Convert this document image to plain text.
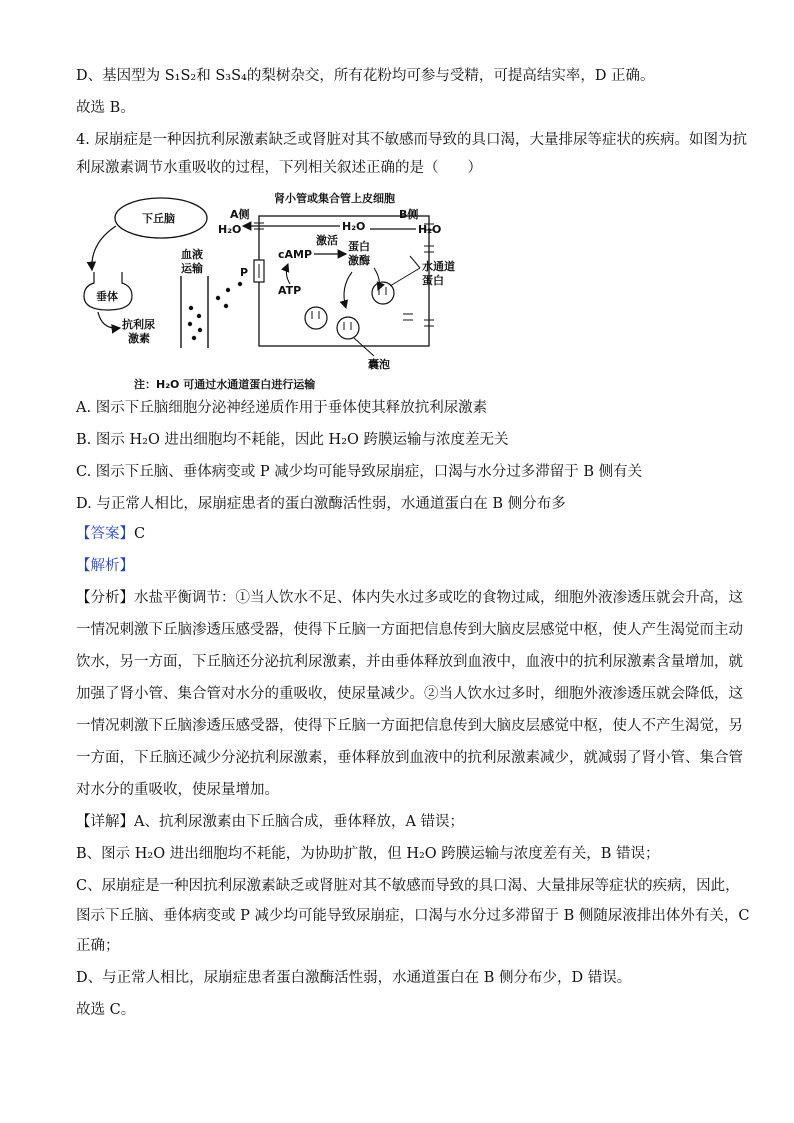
D、基因型为 S₁S₂和 S₃S₄的梨树杂交，所有花粉均可参与受精，可提高结实率，D 正确。
故选 B。
4. 尿崩症是一种因抗利尿激素缺乏或肾脏对其不敏感而导致的具口渴，大量排尿等症状的疾病。如图为抗
利尿激素调节水重吸收的过程，下列相关叙述正确的是（　　）
下丘脑
垂体
抗利尿
激素
血液
运输
肾小管或集合管上皮细胞
A侧	B侧
H₂O	H₂O	H₂O
P
cAMP
ATP
激活 蛋白
激酶	水通道
蛋白
囊泡
注：H₂O 可通过水通道蛋白进行运输
A. 图示下丘脑细胞分泌神经递质作用于垂体使其释放抗利尿激素
B. 图示 H₂O 进出细胞均不耗能，因此 H₂O 跨膜运输与浓度差无关
C. 图示下丘脑、垂体病变或 P 减少均可能导致尿崩症，口渴与水分过多滞留于 B 侧有关
D. 与正常人相比，尿崩症患者的蛋白激酶活性弱，水通道蛋白在 B 侧分布多
【答案】C
【解析】
【分析】水盐平衡调节：①当人饮水不足、体内失水过多或吃的食物过咸，细胞外液渗透压就会升高，这
一情况刺激下丘脑渗透压感受器，使得下丘脑一方面把信息传到大脑皮层感觉中枢，使人产生渴觉而主动
饮水，另一方面，下丘脑还分泌抗利尿激素，并由垂体释放到血液中，血液中的抗利尿激素含量增加，就
加强了肾小管、集合管对水分的重吸收，使尿量减少。②当人饮水过多时，细胞外液渗透压就会降低，这
一情况刺激下丘脑渗透压感受器，使得下丘脑一方面把信息传到大脑皮层感觉中枢，使人不产生渴觉，另
一方面，下丘脑还减少分泌抗利尿激素，垂体释放到血液中的抗利尿激素减少，就减弱了肾小管、集合管
对水分的重吸收，使尿量增加。
【详解】A、抗利尿激素由下丘脑合成，垂体释放，A 错误；
B、图示 H₂O 进出细胞均不耗能，为协助扩散，但 H₂O 跨膜运输与浓度差有关，B 错误；
C、尿崩症是一种因抗利尿激素缺乏或肾脏对其不敏感而导致的具口渴、大量排尿等症状的疾病，因此，
图示下丘脑、垂体病变或 P 减少均可能导致尿崩症，口渴与水分过多滞留于 B 侧随尿液排出体外有关，C
正确；
D、与正常人相比，尿崩症患者蛋白激酶活性弱，水通道蛋白在 B 侧分布少，D 错误。
故选 C。
